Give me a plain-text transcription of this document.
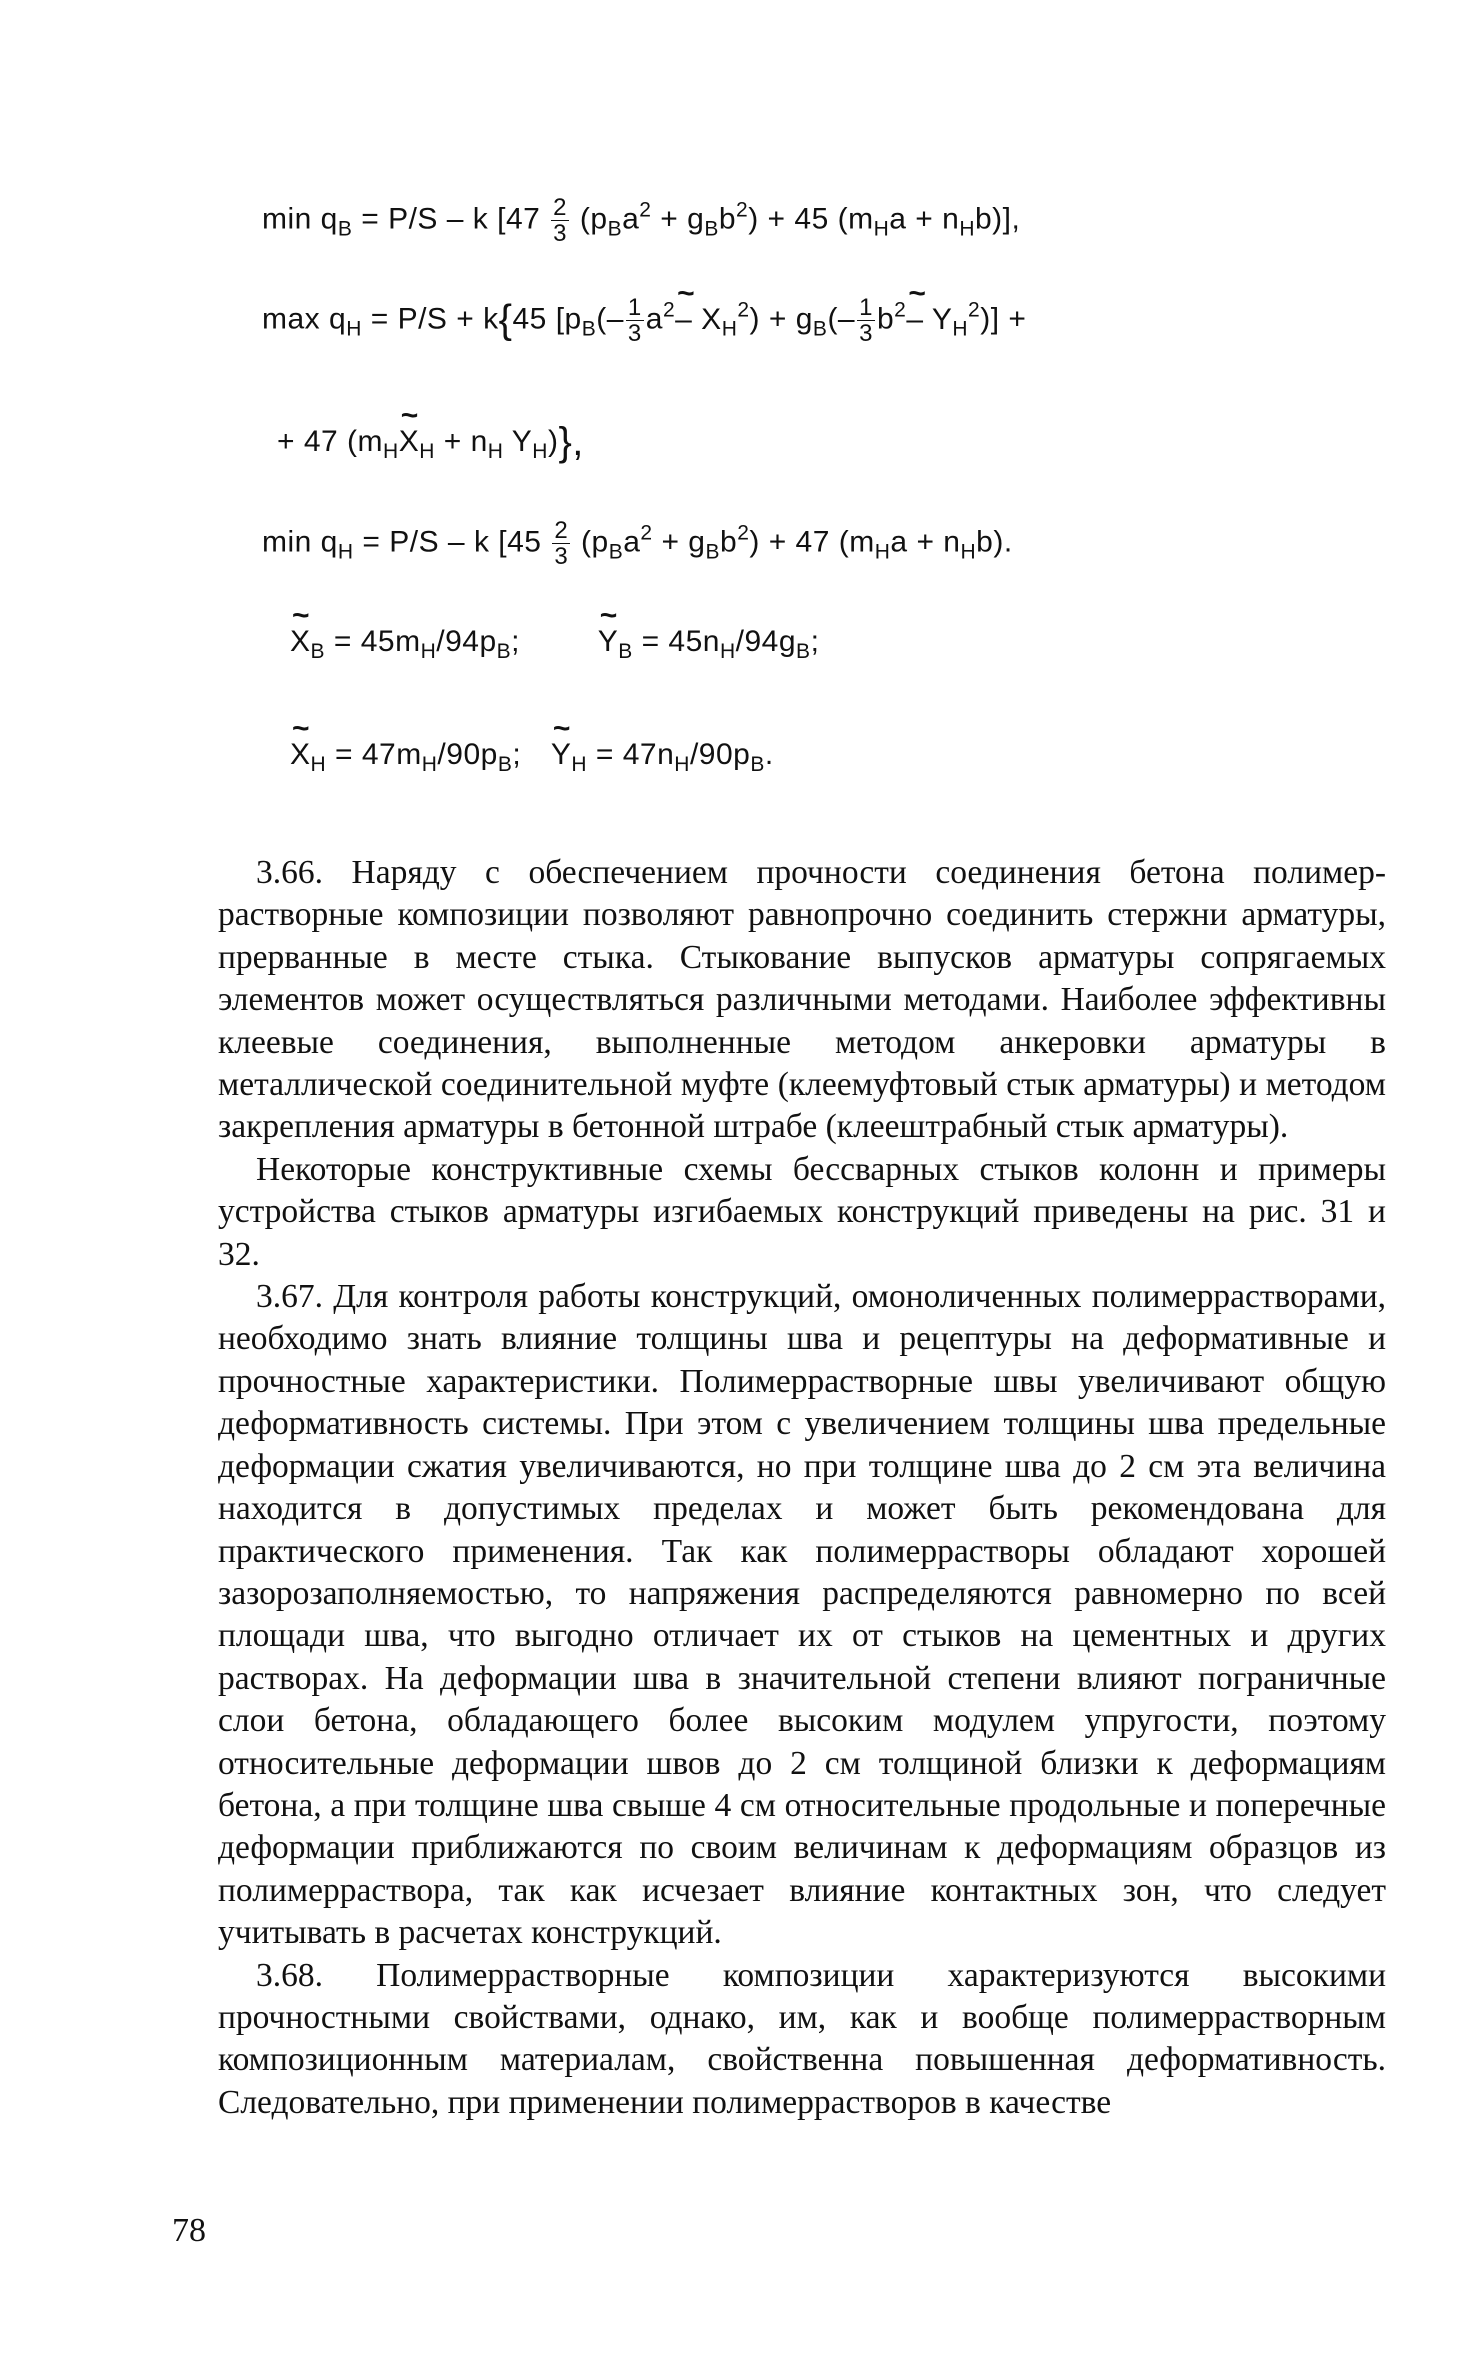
$\min q_B = P/S - k$ [$47 \frac{2}{3} (p_Ba^2 + g_Bb^2) + 45$ $(m_Ha + n_Hb)$],
$\max q_H = P/S + k\{45$ [$p_B(- \frac{1}{3}$ $a^2\sim - X_H^2) + g_B(- \frac{1}{3}$ $b^2\sim - Y_H^2$)] +
+ 47 ($m_H\sim$ $X_H + n_H$ $Y_H$)},
$\min q_H = P/S - k$ [$45 \frac{2}{3} (p_Ba^2 + g_Bb^2) + 47$ $(m_Ha + n_Hb)$.
~ $X_B = 45m_H/94p_B$;	~ $Y_B = 45n_H/94g_B$;
~ $X_H = 47m_H/90p_B$; ~ $Y_H = 47n_H/90p_B$.

3.66. Наряду с обеспечением прочности соединения бетона полимеррастворные композиции позволяют равнопрочно соединить стержни арматуры, прерванные в месте стыка. Стыкование выпусков арматуры сопрягаемых элементов может осуществляться различными методами. Наиболее эффективны клеевые соединения, выполненные методом анкеровки арматуры в металлической соединительной муфте (клеемуфтовый стык арматуры) и методом закрепления арматуры в бетонной штрабе (клеештрабный стык арматуры).

Некоторые конструктивные схемы бессварных стыков колонн и примеры устройства стыков арматуры изгибаемых конструкций приведены на рис. 31 и 32.

3.67. Для контроля работы конструкций, омоноличенных полимеррастворами, необходимо знать влияние толщины шва и рецептуры на деформативные и прочностные характеристики. Полимеррастворные швы увеличивают общую деформативность системы. При этом с увеличением толщины шва предельные деформации сжатия увеличиваются, но при толщине шва до 2 см эта величина находится в допустимых пределах и может быть рекомендована для практического применения. Так как полимеррастворы обладают хорошей зазорозаполняемостью, то напряжения распределяются равномерно по всей площади шва, что выгодно отличает их от стыков на цементных и других растворах. На деформации шва в значительной степени влияют пограничные слои бетона, обладающего более высоким модулем упругости, поэтому относительные деформации швов до 2 см толщиной близки к деформациям бетона, а при толщине шва свыше 4 см относительные продольные и поперечные деформации приближаются по своим величинам к деформациям образцов из полимерраствора, так как исчезает влияние контактных зон, что следует учитывать в расчетах конструкций.

3.68. Полимеррастворные композиции характеризуются высокими прочностными свойствами, однако, им, как и вообще полимеррастворным композиционным материалам, свойственна повышенная деформативность. Следовательно, при применении полимеррастворов в качестве

78
